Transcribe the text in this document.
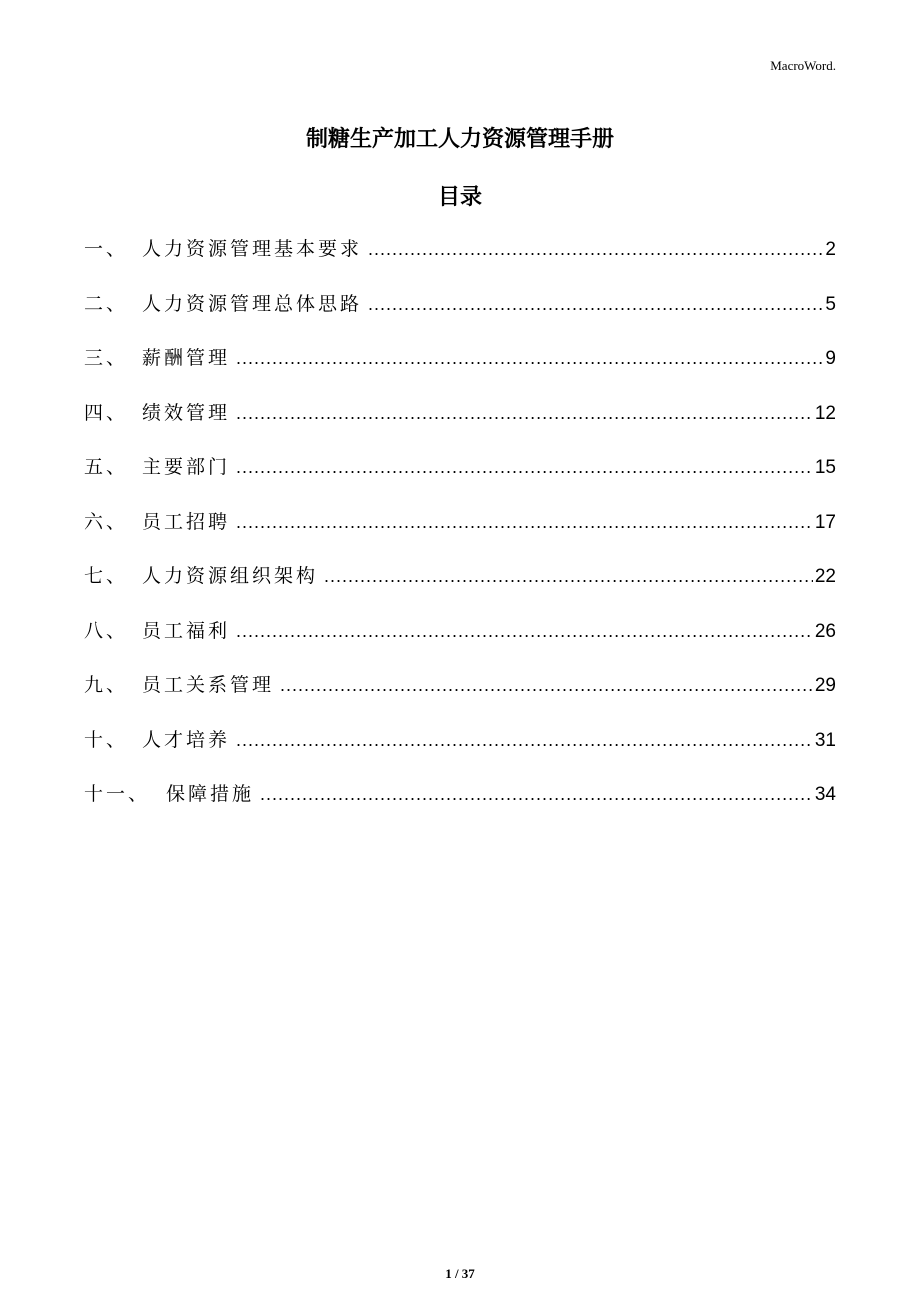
MacroWord.
制糖生产加工人力资源管理手册
目录
一、 人力资源管理基本要求 .....	2
二、 人力资源管理总体思路 .....	5
三、 薪酬管理 .....	9
四、 绩效管理 .....	12
五、 主要部门 .....	15
六、 员工招聘 .....	17
七、 人力资源组织架构 .....	22
八、 员工福利 .....	26
九、 员工关系管理 .....	29
十、 人才培养 .....	31
十一、 保障措施 .....	34
1 / 37
